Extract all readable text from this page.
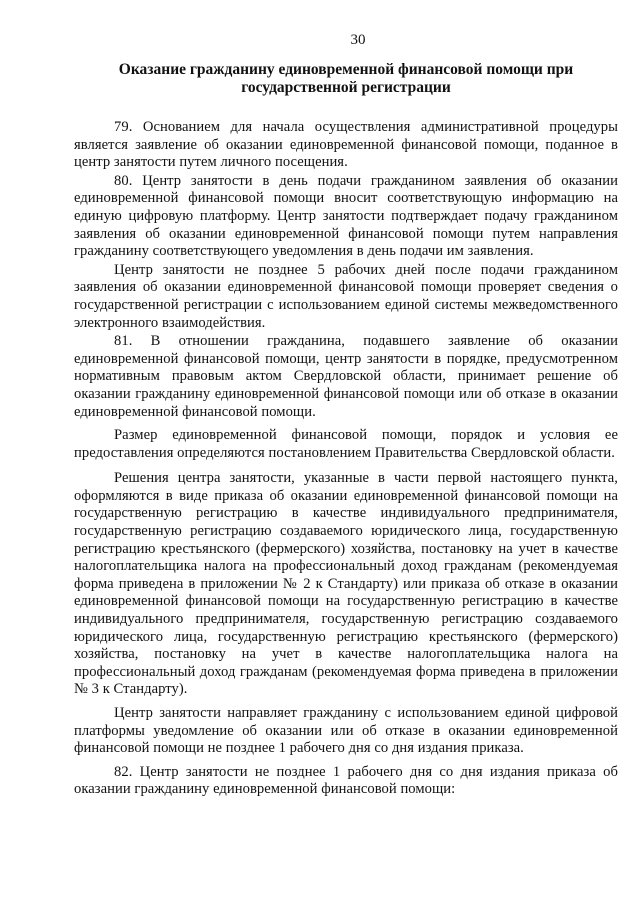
30
Оказание гражданину единовременной финансовой помощи при
государственной регистрации

79. Основанием для начала осуществления административной процедуры является заявление об оказании единовременной финансовой помощи, поданное в центр занятости путем личного посещения.

80. Центр занятости в день подачи гражданином заявления об оказании единовременной финансовой помощи вносит соответствующую информацию на единую цифровую платформу. Центр занятости подтверждает подачу гражданином заявления об оказании единовременной финансовой помощи путем направления гражданину соответствующего уведомления в день подачи им заявления.

Центр занятости не позднее 5 рабочих дней после подачи гражданином заявления об оказании единовременной финансовой помощи проверяет сведения о государственной регистрации с использованием единой системы межведомственного электронного взаимодействия.

81. В отношении гражданина, подавшего заявление об оказании единовременной финансовой помощи, центр занятости в порядке, предусмотренном нормативным правовым актом Свердловской области, принимает решение об оказании гражданину единовременной финансовой помощи или об отказе в оказании единовременной финансовой помощи.

Размер единовременной финансовой помощи, порядок и условия ее предоставления определяются постановлением Правительства Свердловской области.

Решения центра занятости, указанные в части первой настоящего пункта, оформляются в виде приказа об оказании единовременной финансовой помощи на государственную регистрацию в качестве индивидуального предпринимателя, государственную регистрацию создаваемого юридического лица, государственную регистрацию крестьянского (фермерского) хозяйства, постановку на учет в качестве налогоплательщика налога на профессиональный доход гражданам (рекомендуемая форма приведена в приложении № 2 к Стандарту) или приказа об отказе в оказании единовременной финансовой помощи на государственную регистрацию в качестве индивидуального предпринимателя, государственную регистрацию создаваемого юридического лица, государственную регистрацию крестьянского (фермерского) хозяйства, постановку на учет в качестве налогоплательщика налога на профессиональный доход гражданам (рекомендуемая форма приведена в приложении № 3 к Стандарту).

Центр занятости направляет гражданину с использованием единой цифровой платформы уведомление об оказании или об отказе в оказании единовременной финансовой помощи не позднее 1 рабочего дня со дня издания приказа.

82. Центр занятости не позднее 1 рабочего дня со дня издания приказа об оказании гражданину единовременной финансовой помощи:
